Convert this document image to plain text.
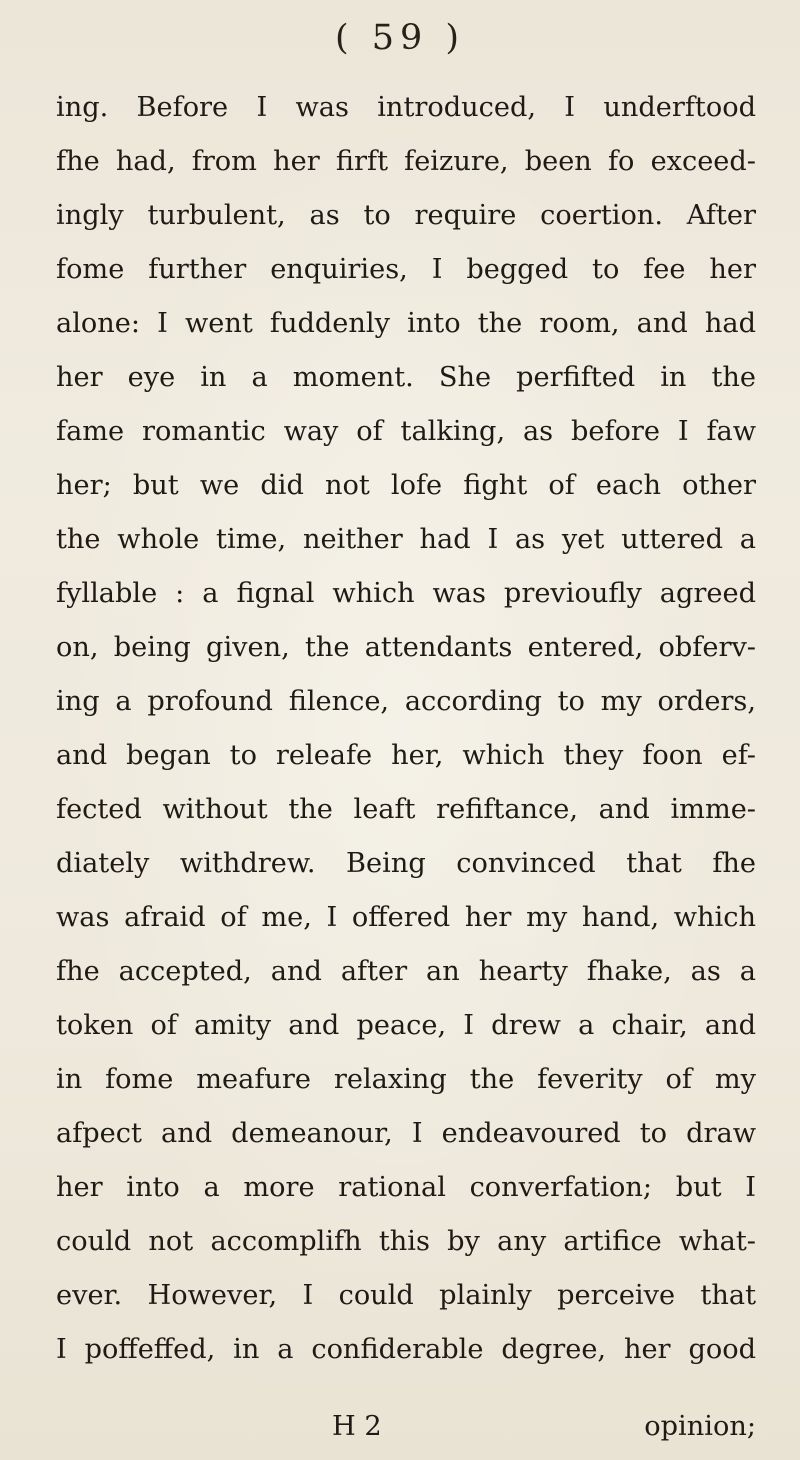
( 59 )
ing. Before I was introduced, I underftood
fhe had, from her firft feizure, been fo exceed-
ingly turbulent, as to require coertion. After
fome further enquiries, I begged to fee her
alone: I went fuddenly into the room, and had
her eye in a moment. She perfifted in the
fame romantic way of talking, as before I faw
her; but we did not lofe fight of each other
the whole time, neither had I as yet uttered a
fyllable : a fignal which was previoufly agreed
on, being given, the attendants entered, obferv-
ing a profound filence, according to my orders,
and began to releafe her, which they foon ef-
fected without the leaft refiftance, and imme-
diately withdrew. Being convinced that fhe
was afraid of me, I offered her my hand, which
fhe accepted, and after an hearty fhake, as a
token of amity and peace, I drew a chair, and
in fome meafure relaxing the feverity of my
afpect and demeanour, I endeavoured to draw
her into a more rational converfation; but I
could not accomplifh this by any artifice what-
ever. However, I could plainly perceive that
I poffeffed, in a confiderable degree, her good
H 2	opinion;
